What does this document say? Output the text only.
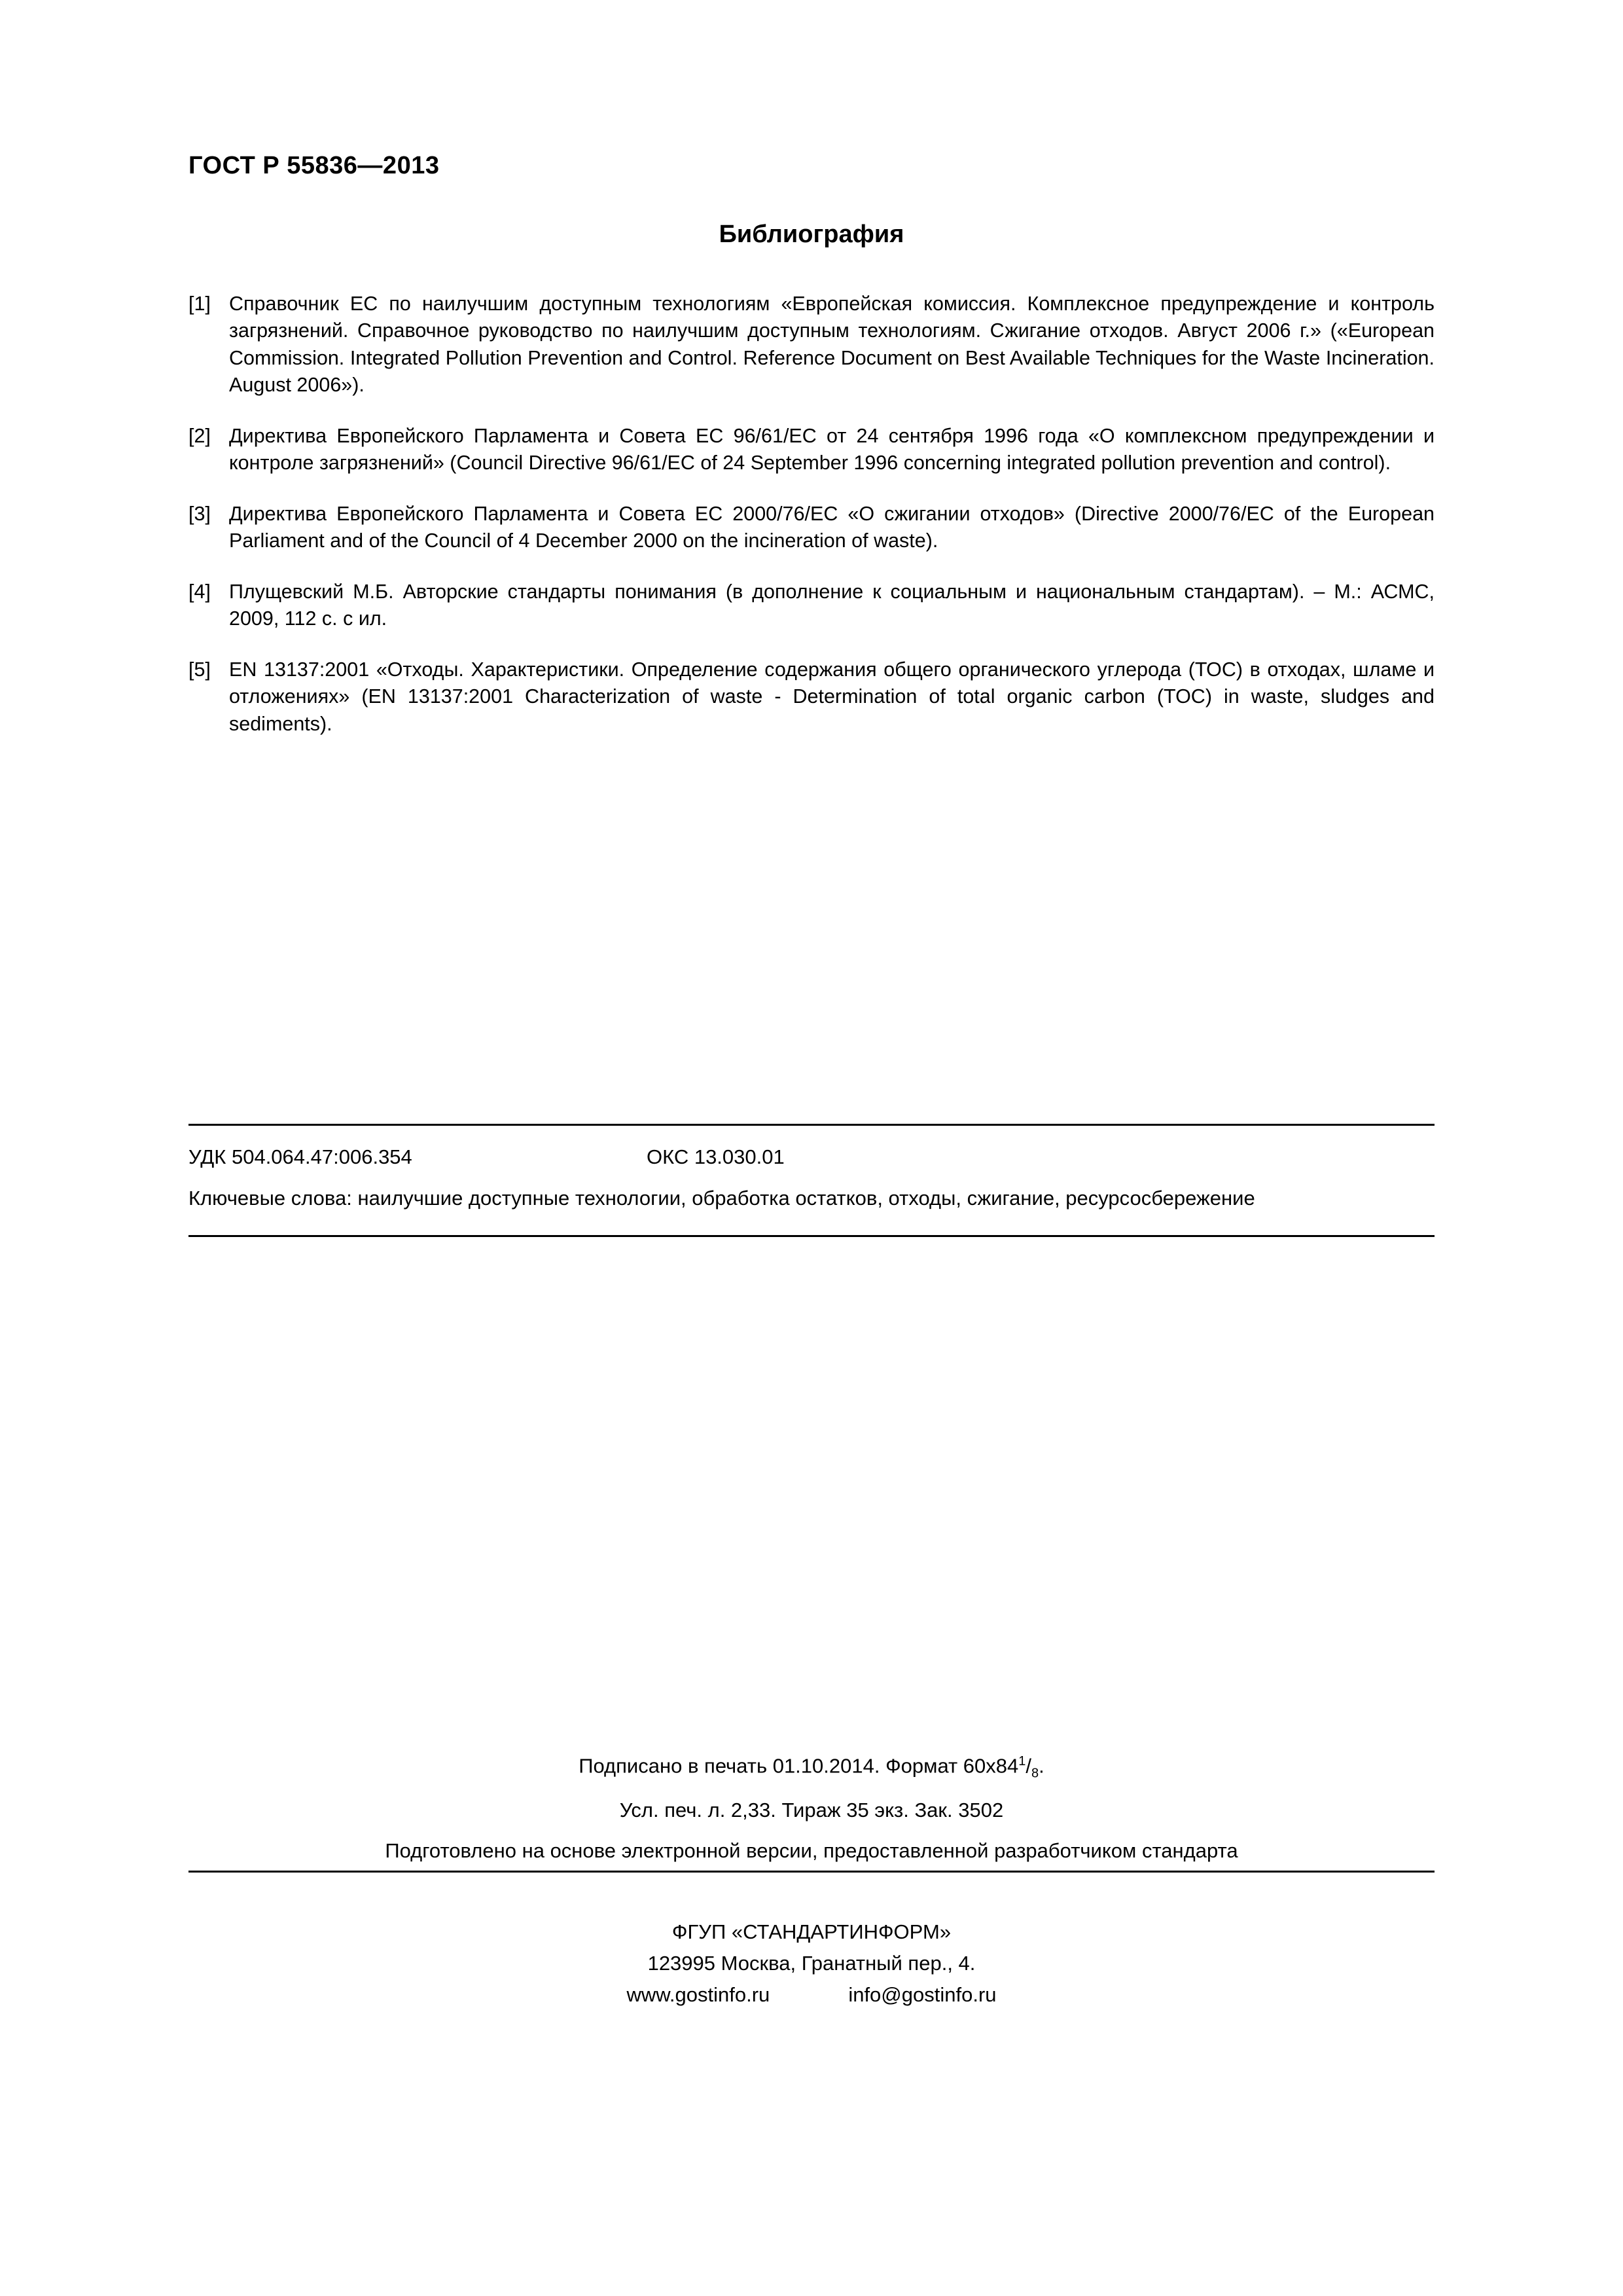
ГОСТ Р 55836—2013
Библиография
[1] Справочник ЕС по наилучшим доступным технологиям «Европейская комиссия. Комплексное предупреждение и контроль загрязнений. Справочное руководство по наилучшим доступным технологиям. Сжигание отходов. Август 2006 г.» («European Commission. Integrated Pollution Prevention and Control. Reference Document on Best Available Techniques for the Waste Incineration. August 2006»).
[2] Директива Европейского Парламента и Совета ЕС 96/61/ЕС от 24 сентября 1996 года «О комплексном предупреждении и контроле загрязнений» (Council Directive 96/61/EC of 24 September 1996 concerning integrated pollution prevention and control).
[3] Директива Европейского Парламента и Совета ЕС 2000/76/ЕС «О сжигании отходов» (Directive 2000/76/EC of the European Parliament and of the Council of 4 December 2000 on the incineration of waste).
[4] Плущевский М.Б. Авторские стандарты понимания (в дополнение к социальным и национальным стандартам). – М.: АСМС, 2009, 112 с. с ил.
[5] EN 13137:2001 «Отходы. Характеристики. Определение содержания общего органического углерода (ТОС) в отходах, шламе и отложениях» (EN 13137:2001 Characterization of waste - Determination of total organic carbon (TOC) in waste, sludges and sediments).
УДК 504.064.47:006.354	ОКС 13.030.01
Ключевые слова: наилучшие доступные технологии, обработка остатков, отходы, сжигание, ресурсосбережение
Подписано в печать 01.10.2014. Формат $60х84^1/_8$.
Усл. печ. л. 2,33. Тираж 35 экз. Зак. 3502
Подготовлено на основе электронной версии, предоставленной разработчиком стандарта
ФГУП «СТАНДАРТИНФОРМ»
123995 Москва, Гранатный пер., 4.
www.gostinfo.ru	info@gostinfo.ru
